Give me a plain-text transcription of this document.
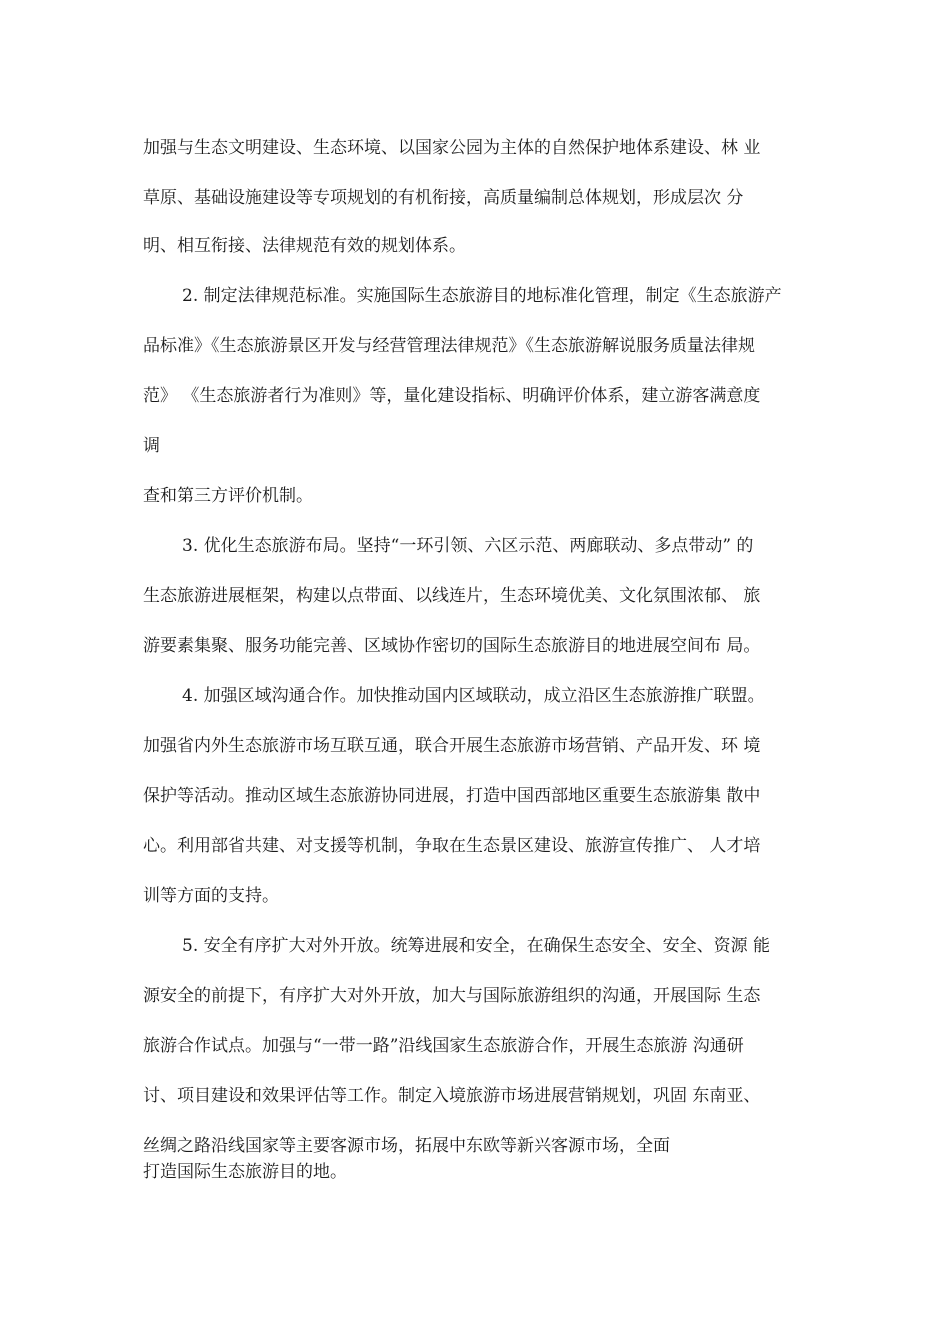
加强与生态文明建设、生态环境、以国家公园为主体的自然保护地体系建设、林 业
草原、基础设施建设等专项规划的有机衔接，高质量编制总体规划，形成层次 分
明、相互衔接、法律规范有效的规划体系。
2. 制定法律规范标准。实施国际生态旅游目的地标准化管理，制定《生态旅游产
品标准》《生态旅游景区开发与经营管理法律规范》《生态旅游解说服务质量法律规
范》 《生态旅游者行为准则》等，量化建设指标、明确评价体系，建立游客满意度
调
查和第三方评价机制。
3. 优化生态旅游布局。坚持“一环引领、六区示范、两廊联动、多点带动” 的
生态旅游进展框架，构建以点带面、以线连片，生态环境优美、文化氛围浓郁、 旅
游要素集聚、服务功能完善、区域协作密切的国际生态旅游目的地进展空间布 局。
4. 加强区域沟通合作。加快推动国内区域联动，成立沿区生态旅游推广联盟。
加强省内外生态旅游市场互联互通，联合开展生态旅游市场营销、产品开发、环 境
保护等活动。推动区域生态旅游协同进展，打造中国西部地区重要生态旅游集 散中
心。利用部省共建、对支援等机制，争取在生态景区建设、旅游宣传推广、 人才培
训等方面的支持。
5. 安全有序扩大对外开放。统筹进展和安全，在确保生态安全、安全、资源 能
源安全的前提下，有序扩大对外开放，加大与国际旅游组织的沟通，开展国际 生态
旅游合作试点。加强与“一带一路”沿线国家生态旅游合作，开展生态旅游 沟通研
讨、项目建设和效果评估等工作。制定入境旅游市场进展营销规划，巩固 东南亚、
丝绸之路沿线国家等主要客源市场，拓展中东欧等新兴客源市场，全面
打造国际生态旅游目的地。
